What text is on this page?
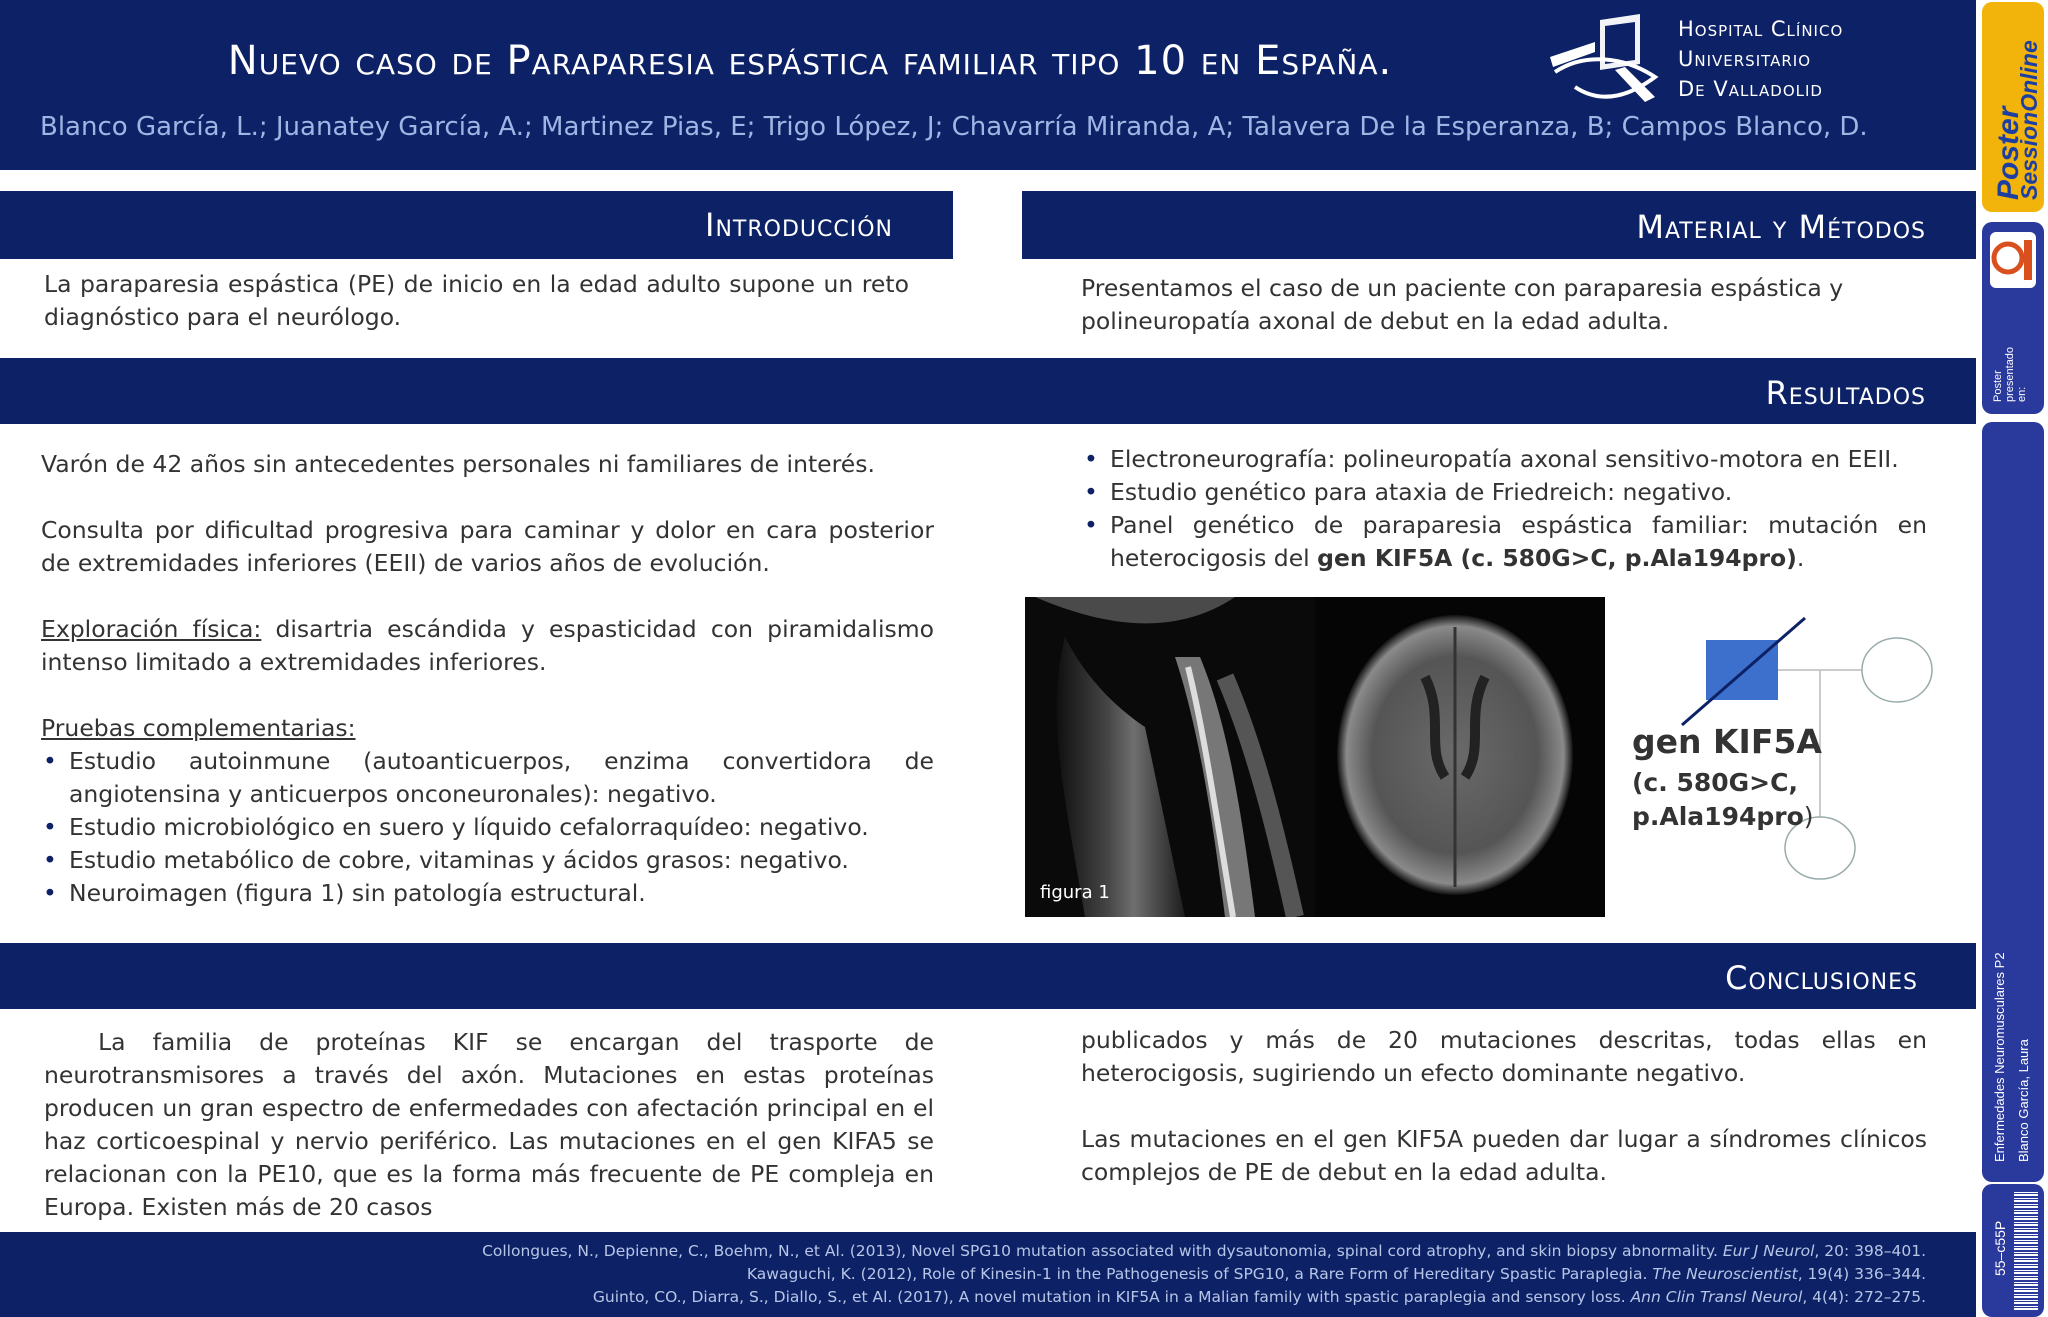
Nuevo caso de Paraparesia espástica familiar tipo 10 en España.
Blanco García, L.; Juanatey García, A.; Martinez Pias, E; Trigo López, J; Chavarría Miranda, A; Talavera De la Esperanza, B; Campos Blanco, D.
Hospital Clínico
Universitario
De Valladolid
Introducción	Material y Métodos
Resultados
Conclusiones
La paraparesia espástica (PE) de inicio en la edad adulto supone un reto diagnóstico para el neurólogo.
Presentamos el caso de un paciente con paraparesia espástica y polineuropatía axonal de debut en la edad adulta.

Varón de 42 años sin antecedentes personales ni familiares de interés.

Consulta por dificultad progresiva para caminar y dolor en cara posterior de extremidades inferiores (EEII) de varios años de evolución.

Exploración física: disartria escándida y espasticidad con piramidalismo intenso limitado a extremidades inferiores.

Pruebas complementarias:

• Estudio autoinmune (autoanticuerpos, enzima convertidora de angiotensina y anticuerpos onconeuronales): negativo.
• Estudio microbiológico en suero y líquido cefalorraquídeo: negativo.
• Estudio metabólico de cobre, vitaminas y ácidos grasos: negativo.
• Neuroimagen (figura 1) sin patología estructural.
• Electroneurografía: polineuropatía axonal sensitivo-motora en EEII.
• Estudio genético para ataxia de Friedreich: negativo.
• Panel genético de paraparesia espástica familiar: mutación en heterocigosis del gen KIF5A (c. 580G>C, p.Ala194pro).
figura 1
gen KIF5A
(c. 580G>C,
p.Ala194pro)
La familia de proteínas KIF se encargan del trasporte de neurotransmisores a través del axón. Mutaciones en estas proteínas producen un gran espectro de enfermedades con afectación principal en el haz corticoespinal y nervio periférico. Las mutaciones en el gen KIFA5 se relacionan con la PE10, que es la forma más frecuente de PE compleja en Europa. Existen más de 20 casos

publicados y más de 20 mutaciones descritas, todas ellas en heterocigosis, sugiriendo un efecto dominante negativo.

Las mutaciones en el gen KIF5A pueden dar lugar a síndromes clínicos complejos de PE de debut en la edad adulta.

Collongues, N., Depienne, C., Boehm, N., et Al. (2013), Novel SPG10 mutation associated with dysautonomia, spinal cord atrophy, and skin biopsy abnormality. Eur J Neurol, 20: 398–401.
Kawaguchi, K. (2012), Role of Kinesin-1 in the Pathogenesis of SPG10, a Rare Form of Hereditary Spastic Paraplegia. The Neuroscientist, 19(4) 336–344.
Guinto, CO., Diarra, S., Diallo, S., et Al. (2017), A novel mutation in KIF5A in a Malian family with spastic paraplegia and sensory loss. Ann Clin Transl Neurol, 4(4): 272–275.
Poster
SessionOnline
Poster
presentado
en:
Enfermedades Neuromusculares P2 Blanco García, Laura
55–c55P
